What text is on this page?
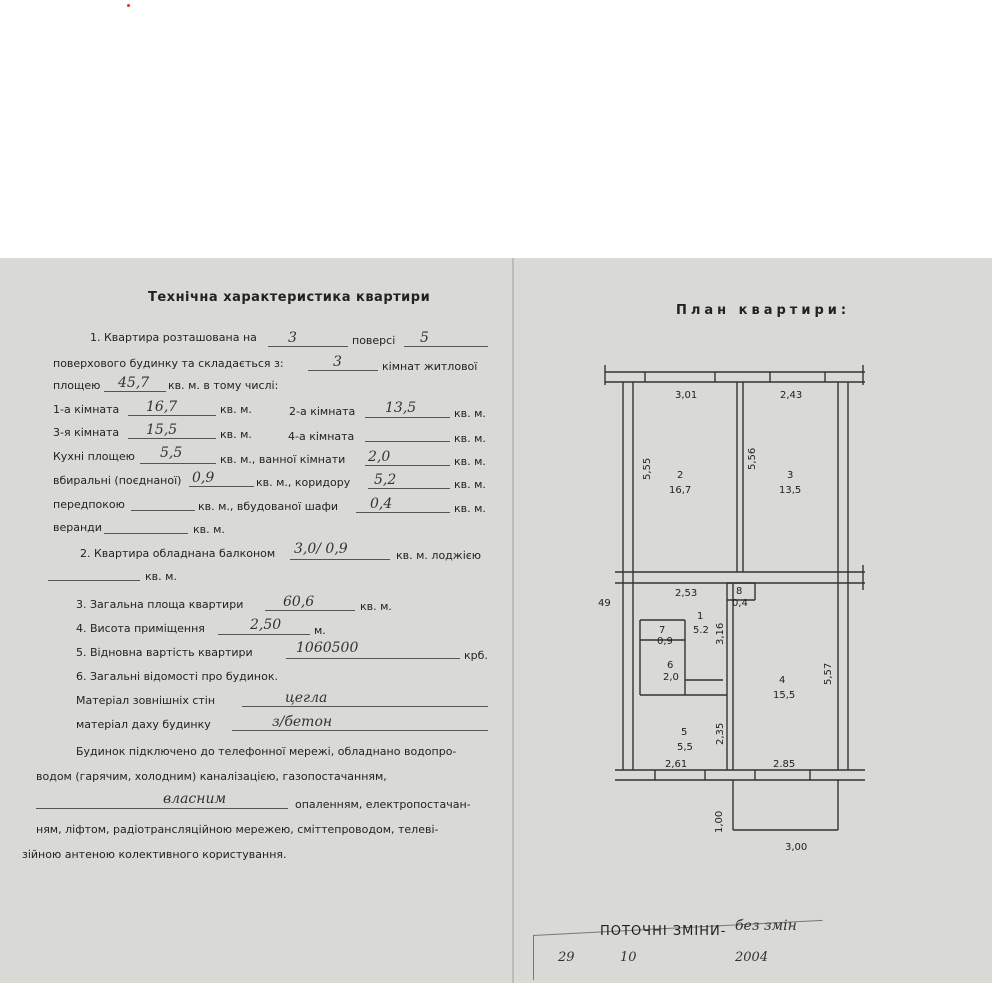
Технічна характеристика квартири
1. Квартира розташована на 3	поверсі 5
поверхового будинку та складається з:	3	кімнат житлової
площею 45,7 кв. м. в тому числі:
1-а кімната 16,7	кв. м.	2-а кімната 13,5	кв. м.
3-я кімната 15,5	кв. м.	4-а кімната	кв. м.
Кухні площею 5,5	кв. м., ванної кімнати 2,0	кв. м.
вбиральні (поєднаної) 0,9	кв. м., коридору 5,2	кв. м.
передпокою	кв. м., вбудованої шафи 0,4	кв. м.
веранди	кв. м.
2. Квартира обладнана балконом 3,0/ 0,9	кв. м. лоджією
кв. м.
3. Загальна площа квартири	60,6	кв. м.
4. Висота приміщення	2,50	м.
5. Відновна вартість квартири	1060500	крб.
6. Загальні відомості про будинок.
Матеріал зовнішніх стін	цегла
матеріал даху будинку	з/бетон
Будинок підключено до телефонної мережі, обладнано водопро-
водом (гарячим, холодним) каналізацією, газопостачанням,
власним	опаленням, електропостачан-
ням, ліфтом, радіотрансляційною мережею, сміттепроводом, телеві-
зійною антеною колективного користування.
План квартири:
3,01	2,43
5,55	5,56
2,53
49
3,16
5,57
2,35
2,61	2.85
1,00
3,00
2
16,7
3
13,5
1
5.2
8
0,4
7
0,9
6
2,0	4
15,5
5
5,5
ПОТОЧНІ ЗМІНИ- без змін
29	10	2004
